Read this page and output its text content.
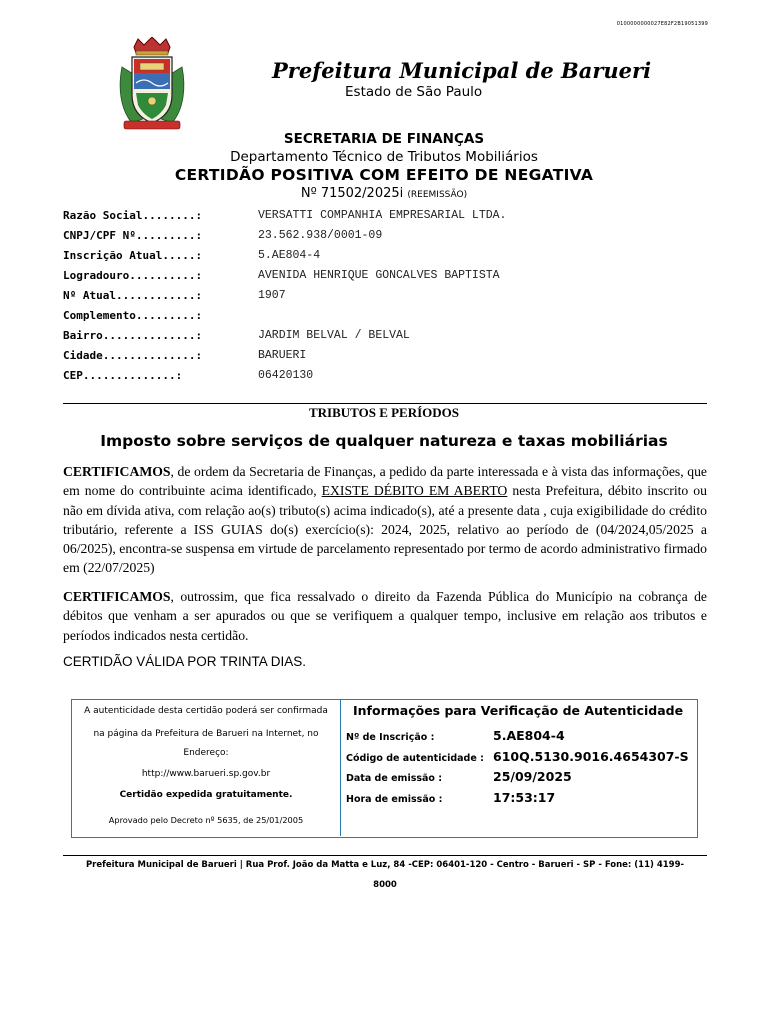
0100000000027E82F2B19051399
Prefeitura Municipal de Barueri
Estado de São Paulo
SECRETARIA DE FINANÇAS
Departamento Técnico de Tributos Mobiliários
CERTIDÃO POSITIVA COM EFEITO DE NEGATIVA
Nº 71502/2025i (REEMISSÃO)
Razão Social........:	VERSATTI COMPANHIA EMPRESARIAL LTDA.
CNPJ/CPF Nº.........:	23.562.938/0001-09
Inscrição Atual.....:	5.AE804-4
Logradouro..........:	AVENIDA HENRIQUE GONCALVES BAPTISTA
Nº Atual............:	1907
Complemento.........:
Bairro..............:	JARDIM BELVAL / BELVAL
Cidade..............:	BARUERI
CEP..............:	06420130
TRIBUTOS E PERÍODOS
Imposto sobre serviços de qualquer natureza e taxas mobiliárias
CERTIFICAMOS, de ordem da Secretaria de Finanças, a pedido da parte interessada e à vista das informações, que em nome do contribuinte acima identificado, EXISTE DÉBITO EM ABERTO nesta Prefeitura, débito inscrito ou não em dívida ativa, com relação ao(s) tributo(s) acima indicado(s), até a presente data , cuja exigibilidade do crédito tributário, referente a ISS GUIAS do(s) exercício(s): 2024, 2025, relativo ao período de (04/2024,05/2025 a 06/2025), encontra-se suspensa em virtude de parcelamento representado por termo de acordo administrativo firmado em (22/07/2025)
CERTIFICAMOS, outrossim, que fica ressalvado o direito da Fazenda Pública do Município na cobrança de débitos que venham a ser apurados ou que se verifiquem a qualquer tempo, inclusive em relação aos tributos e períodos indicados nesta certidão.
CERTIDÃO VÁLIDA POR TRINTA DIAS.
A autenticidade desta certidão poderá ser confirmada
na página da Prefeitura de Barueri na Internet, no
Endereço:
http://www.barueri.sp.gov.br
Certidão expedida gratuitamente.
Aprovado pelo Decreto nº 5635, de 25/01/2005
Informações para Verificação de Autenticidade
Nº de Inscrição :	5.AE804-4
Código de autenticidade : 610Q.5130.9016.4654307-S
Data de emissão :	25/09/2025
Hora de emissão :	17:53:17
Prefeitura Municipal de Barueri | Rua Prof. João da Matta e Luz, 84 -CEP: 06401-120 - Centro - Barueri - SP - Fone: (11) 4199-
8000
